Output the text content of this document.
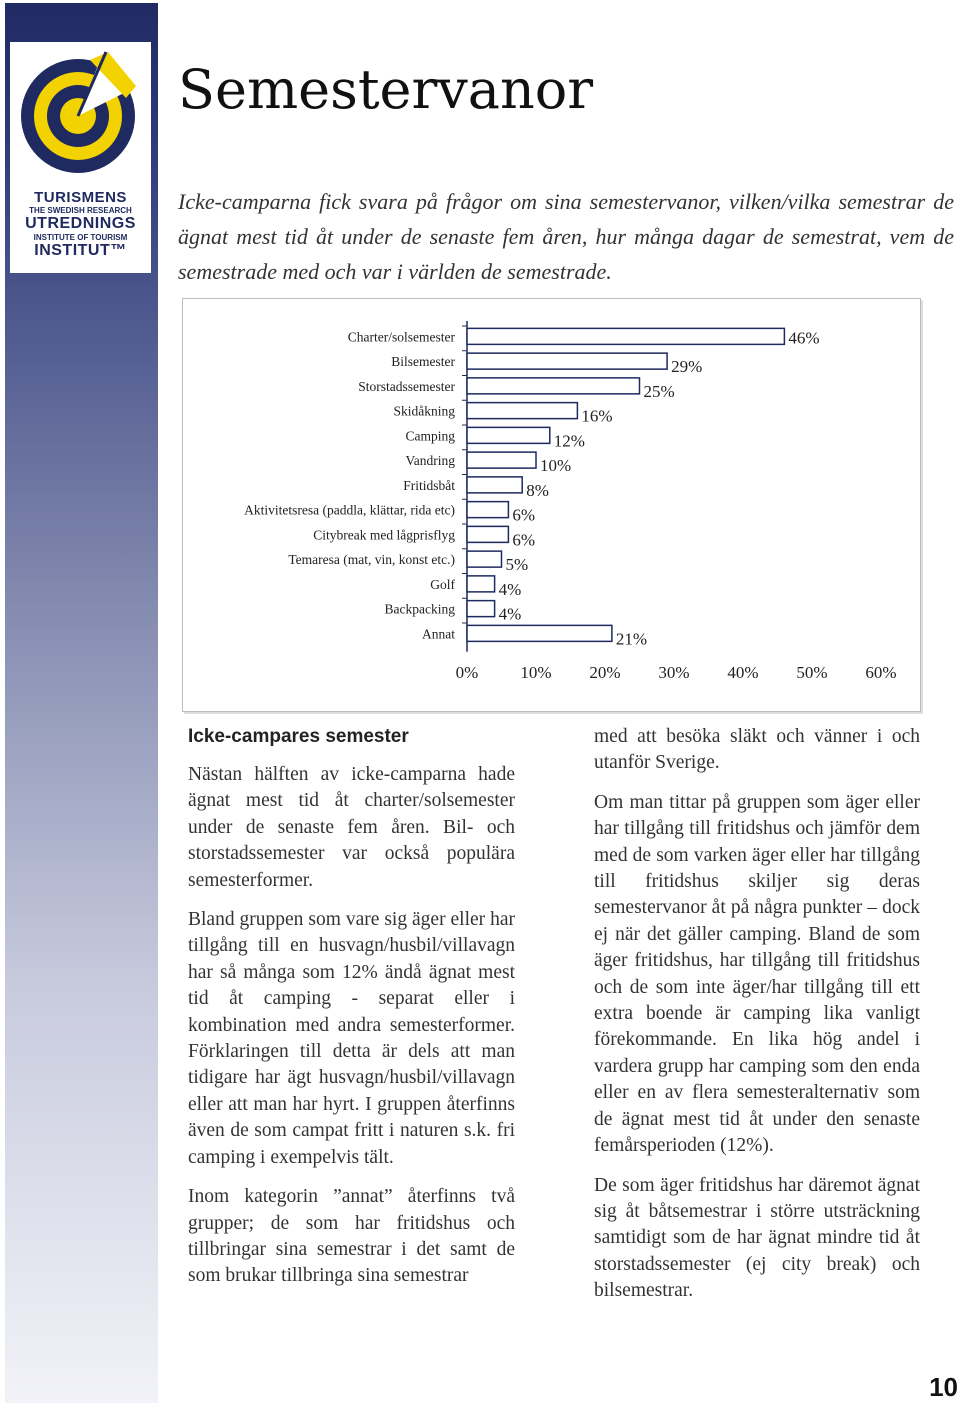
TURISMENS
THE SWEDISH RESEARCH
UTREDNINGS
INSTITUTE OF TOURISM
INSTITUT™
Semestervanor
Icke-camparna fick svara på frågor om sina semestervanor, vilken/vilka semestrar de ägnat mest tid åt under de senaste fem åren, hur många dagar de semestrat, vem de semestrade med och var i världen de semestrade.
Charter/solsemester	46%
Bilsemester	29%
Storstadssemester	25%
Skidåkning	16%
Camping	12%
Vandring	10%
Fritidsbåt	8%
Aktivitetsresa (paddla, klättar, rida etc)	6%
Citybreak med lågprisflyg	6%
Temaresa (mat, vin, konst etc.)	5%
Golf	4%
Backpacking	4%
Annat	21%
0% 10% 20% 30% 40% 50% 60%
Icke-campares semester

Nästan hälften av icke-camparna hade ägnat mest tid åt charter/solsemester under de senaste fem åren. Bil- och storstadssemester var också populära semesterformer.

Bland gruppen som vare sig äger eller har tillgång till en husvagn/husbil/villavagn har så många som 12% ändå ägnat mest tid åt camping - separat eller i kombination med andra semesterformer. Förklaringen till detta är dels att man tidigare har ägt husvagn/husbil/villavagn eller att man har hyrt. I gruppen återfinns även de som campat fritt i naturen s.k. fri camping i exempelvis tält.

Inom kategorin ”annat” återfinns två grupper; de som har fritidshus och tillbringar sina semestrar i det samt de som brukar tillbringa sina semestrar

med att besöka släkt och vänner i och utanför Sverige.

Om man tittar på gruppen som äger eller har tillgång till fritidshus och jämför dem med de som varken äger eller har tillgång till fritidshus skiljer sig deras semestervanor åt på några punkter – dock ej när det gäller camping. Bland de som äger fritidshus, har tillgång till fritidshus och de som inte äger/har tillgång till ett extra boende är camping lika vanligt förekommande. En lika hög andel i vardera grupp har camping som den enda eller en av flera semesteralternativ som de ägnat mest tid åt under den senaste femårsperioden (12%).

De som äger fritidshus har däremot ägnat sig åt båtsemestrar i större utsträckning samtidigt som de har ägnat mindre tid åt storstadssemester (ej city break) och bilsemestrar.

10
